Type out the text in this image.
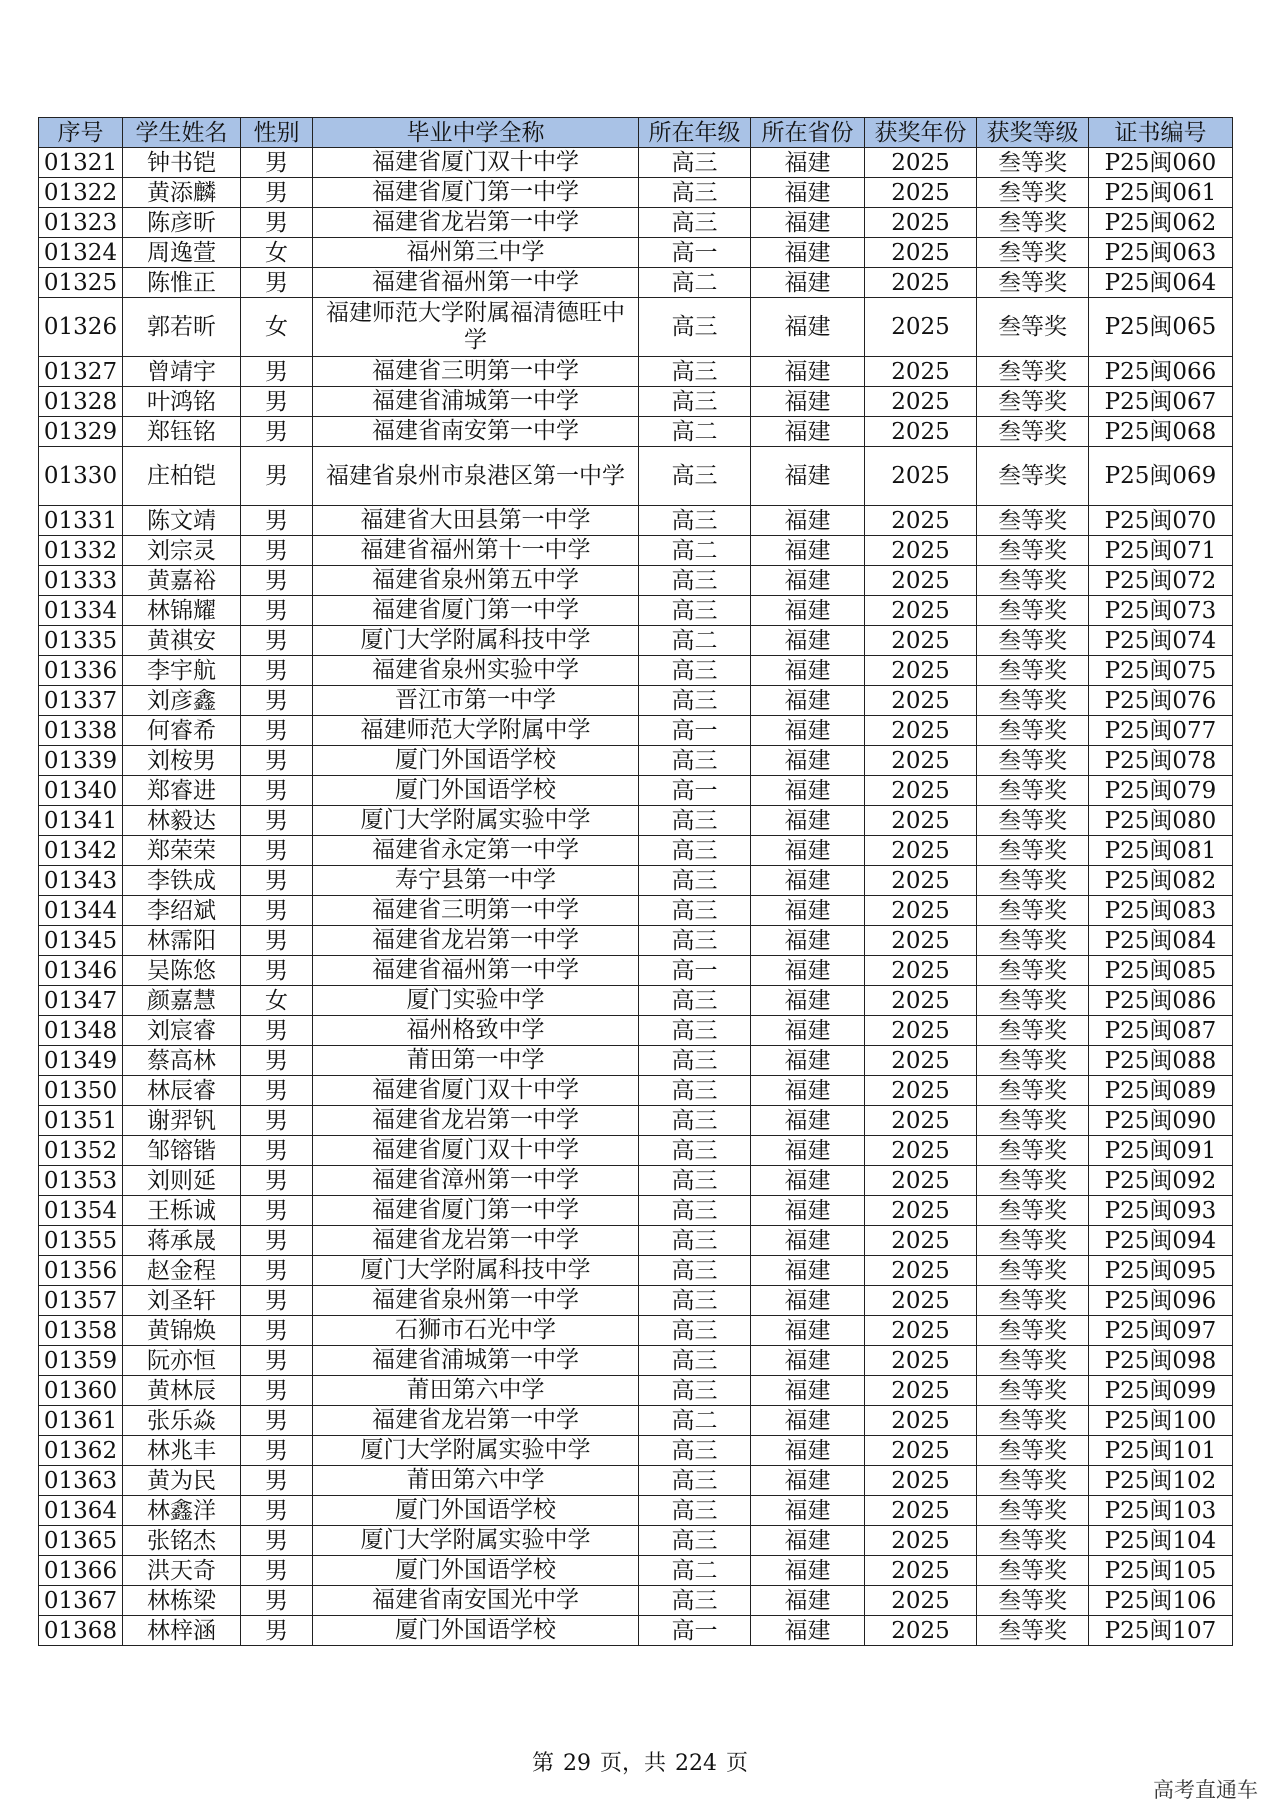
序号	学生姓名	性别	毕业中学全称	所在年级	所在省份	获奖年份	获奖等级	证书编号
01321	钟书铠	男	福建省厦门双十中学	高三	福建	2025	叁等奖	P25闽060
01322	黄添麟	男	福建省厦门第一中学	高三	福建	2025	叁等奖	P25闽061
01323	陈彦昕	男	福建省龙岩第一中学	高三	福建	2025	叁等奖	P25闽062
01324	周逸萱	女	福州第三中学	高一	福建	2025	叁等奖	P25闽063
01325	陈惟正	男	福建省福州第一中学	高二	福建	2025	叁等奖	P25闽064
01326	郭若昕	女	福建师范大学附属福清德旺中学	高三	福建	2025	叁等奖	P25闽065
01327	曾靖宇	男	福建省三明第一中学	高三	福建	2025	叁等奖	P25闽066
01328	叶鸿铭	男	福建省浦城第一中学	高三	福建	2025	叁等奖	P25闽067
01329	郑钰铭	男	福建省南安第一中学	高二	福建	2025	叁等奖	P25闽068
01330	庄柏铠	男	福建省泉州市泉港区第一中学	高三	福建	2025	叁等奖	P25闽069
01331	陈文靖	男	福建省大田县第一中学	高三	福建	2025	叁等奖	P25闽070
01332	刘宗灵	男	福建省福州第十一中学	高二	福建	2025	叁等奖	P25闽071
01333	黄嘉裕	男	福建省泉州第五中学	高三	福建	2025	叁等奖	P25闽072
01334	林锦耀	男	福建省厦门第一中学	高三	福建	2025	叁等奖	P25闽073
01335	黄祺安	男	厦门大学附属科技中学	高二	福建	2025	叁等奖	P25闽074
01336	李宇航	男	福建省泉州实验中学	高三	福建	2025	叁等奖	P25闽075
01337	刘彦鑫	男	晋江市第一中学	高三	福建	2025	叁等奖	P25闽076
01338	何睿希	男	福建师范大学附属中学	高一	福建	2025	叁等奖	P25闽077
01339	刘桉男	男	厦门外国语学校	高三	福建	2025	叁等奖	P25闽078
01340	郑睿进	男	厦门外国语学校	高一	福建	2025	叁等奖	P25闽079
01341	林毅达	男	厦门大学附属实验中学	高三	福建	2025	叁等奖	P25闽080
01342	郑荣荣	男	福建省永定第一中学	高三	福建	2025	叁等奖	P25闽081
01343	李铁成	男	寿宁县第一中学	高三	福建	2025	叁等奖	P25闽082
01344	李绍斌	男	福建省三明第一中学	高三	福建	2025	叁等奖	P25闽083
01345	林霈阳	男	福建省龙岩第一中学	高三	福建	2025	叁等奖	P25闽084
01346	吴陈悠	男	福建省福州第一中学	高一	福建	2025	叁等奖	P25闽085
01347	颜嘉慧	女	厦门实验中学	高三	福建	2025	叁等奖	P25闽086
01348	刘宸睿	男	福州格致中学	高三	福建	2025	叁等奖	P25闽087
01349	蔡高林	男	莆田第一中学	高三	福建	2025	叁等奖	P25闽088
01350	林辰睿	男	福建省厦门双十中学	高三	福建	2025	叁等奖	P25闽089
01351	谢羿钒	男	福建省龙岩第一中学	高三	福建	2025	叁等奖	P25闽090
01352	邹镕锴	男	福建省厦门双十中学	高三	福建	2025	叁等奖	P25闽091
01353	刘则延	男	福建省漳州第一中学	高三	福建	2025	叁等奖	P25闽092
01354	王栎诚	男	福建省厦门第一中学	高三	福建	2025	叁等奖	P25闽093
01355	蒋承晟	男	福建省龙岩第一中学	高三	福建	2025	叁等奖	P25闽094
01356	赵金程	男	厦门大学附属科技中学	高三	福建	2025	叁等奖	P25闽095
01357	刘圣轩	男	福建省泉州第一中学	高三	福建	2025	叁等奖	P25闽096
01358	黄锦焕	男	石狮市石光中学	高三	福建	2025	叁等奖	P25闽097
01359	阮亦恒	男	福建省浦城第一中学	高三	福建	2025	叁等奖	P25闽098
01360	黄林辰	男	莆田第六中学	高三	福建	2025	叁等奖	P25闽099
01361	张乐焱	男	福建省龙岩第一中学	高二	福建	2025	叁等奖	P25闽100
01362	林兆丰	男	厦门大学附属实验中学	高三	福建	2025	叁等奖	P25闽101
01363	黄为民	男	莆田第六中学	高三	福建	2025	叁等奖	P25闽102
01364	林鑫洋	男	厦门外国语学校	高三	福建	2025	叁等奖	P25闽103
01365	张铭杰	男	厦门大学附属实验中学	高三	福建	2025	叁等奖	P25闽104
01366	洪天奇	男	厦门外国语学校	高二	福建	2025	叁等奖	P25闽105
01367	林栋梁	男	福建省南安国光中学	高三	福建	2025	叁等奖	P25闽106
01368	林梓涵	男	厦门外国语学校	高一	福建	2025	叁等奖	P25闽107
第 29 页，共 224 页
高考直通车
